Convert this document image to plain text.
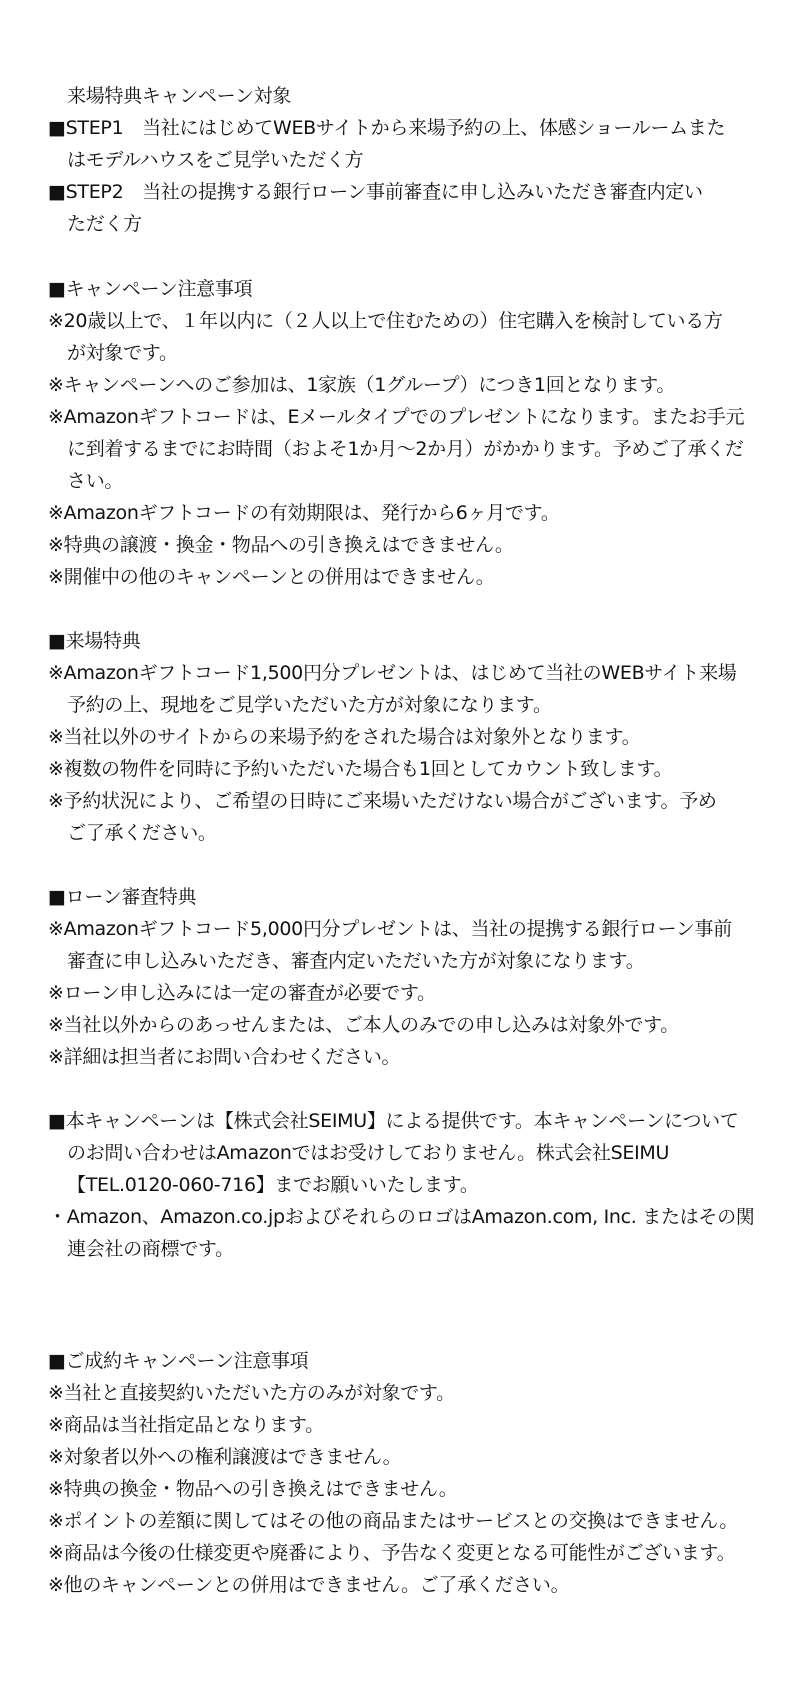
来場特典キャンペーン対象
■STEP1　当社にはじめてWEBサイトから来場予約の上、体感ショールームまた
はモデルハウスをご見学いただく方
■STEP2　当社の提携する銀行ローン事前審査に申し込みいただき審査内定い
ただく方
■キャンペーン注意事項
※20歳以上で、１年以内に（２人以上で住むための）住宅購入を検討している方
が対象です。
※キャンペーンへのご参加は、1家族（1グループ）につき1回となります。
※Amazonギフトコードは、Eメールタイプでのプレゼントになります。またお手元
に到着するまでにお時間（およそ1か月～2か月）がかかります。予めご了承くだ
さい。
※Amazonギフトコードの有効期限は、発行から6ヶ月です。
※特典の譲渡・換金・物品への引き換えはできません。
※開催中の他のキャンペーンとの併用はできません。
■来場特典
※Amazonギフトコード1,500円分プレゼントは、はじめて当社のWEBサイト来場
予約の上、現地をご見学いただいた方が対象になります。
※当社以外のサイトからの来場予約をされた場合は対象外となります。
※複数の物件を同時に予約いただいた場合も1回としてカウント致します。
※予約状況により、ご希望の日時にご来場いただけない場合がございます。予め
ご了承ください。
■ローン審査特典
※Amazonギフトコード5,000円分プレゼントは、当社の提携する銀行ローン事前
審査に申し込みいただき、審査内定いただいた方が対象になります。
※ローン申し込みには一定の審査が必要です。
※当社以外からのあっせんまたは、ご本人のみでの申し込みは対象外です。
※詳細は担当者にお問い合わせください。
■本キャンペーンは【株式会社SEIMU】による提供です。本キャンペーンについて
のお問い合わせはAmazonではお受けしておりません。株式会社SEIMU
【TEL.0120-060-716】までお願いいたします。
・Amazon、Amazon.co.jpおよびそれらのロゴはAmazon.com, Inc. またはその関
連会社の商標です。
■ご成約キャンペーン注意事項
※当社と直接契約いただいた方のみが対象です。
※商品は当社指定品となります。
※対象者以外への権利譲渡はできません。
※特典の換金・物品への引き換えはできません。
※ポイントの差額に関してはその他の商品またはサービスとの交換はできません。
※商品は今後の仕様変更や廃番により、予告なく変更となる可能性がございます。
※他のキャンペーンとの併用はできません。ご了承ください。
